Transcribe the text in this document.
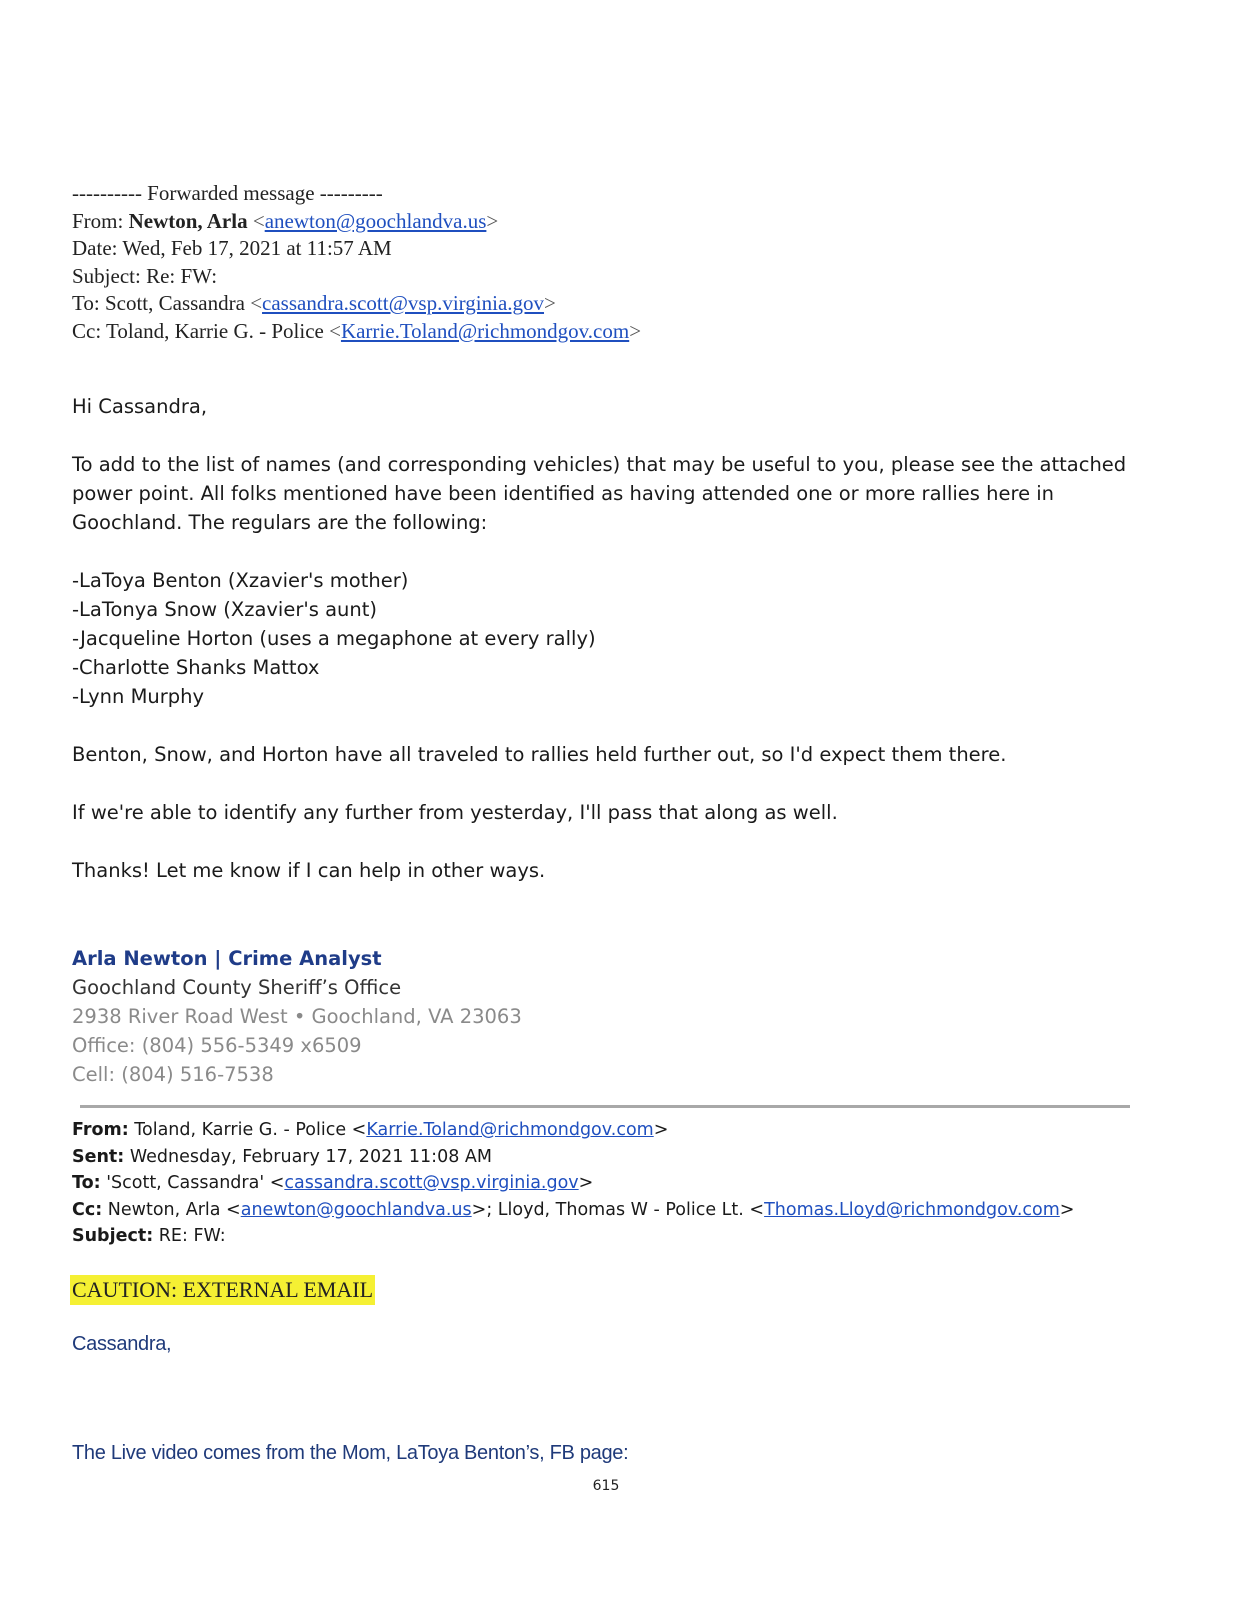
---------- Forwarded message ---------
From: Newton, Arla <anewton@goochlandva.us>
Date: Wed, Feb 17, 2021 at 11:57 AM
Subject: Re: FW:
To: Scott, Cassandra <cassandra.scott@vsp.virginia.gov>
Cc: Toland, Karrie G. - Police <Karrie.Toland@richmondgov.com>

Hi Cassandra,

To add to the list of names (and corresponding vehicles) that may be useful to you, please see the attached

power point. All folks mentioned have been identified as having attended one or more rallies here in

Goochland. The regulars are the following:

-LaToya Benton (Xzavier's mother)

-LaTonya Snow (Xzavier's aunt)

-Jacqueline Horton (uses a megaphone at every rally)

-Charlotte Shanks Mattox

-Lynn Murphy

Benton, Snow, and Horton have all traveled to rallies held further out, so I'd expect them there.

If we're able to identify any further from yesterday, I'll pass that along as well.

Thanks! Let me know if I can help in other ways.

Arla Newton | Crime Analyst
Goochland County Sheriff’s Office
2938 River Road West • Goochland, VA 23063
Office: (804) 556-5349 x6509
Cell: (804) 516-7538
From: Toland, Karrie G. - Police <Karrie.Toland@richmondgov.com>
Sent: Wednesday, February 17, 2021 11:08 AM
To: 'Scott, Cassandra' <cassandra.scott@vsp.virginia.gov>
Cc: Newton, Arla <anewton@goochlandva.us>; Lloyd, Thomas W - Police Lt. <Thomas.Lloyd@richmondgov.com>
Subject: RE: FW:
CAUTION: EXTERNAL EMAIL
Cassandra,
The Live video comes from the Mom, LaToya Benton’s, FB page:
615
